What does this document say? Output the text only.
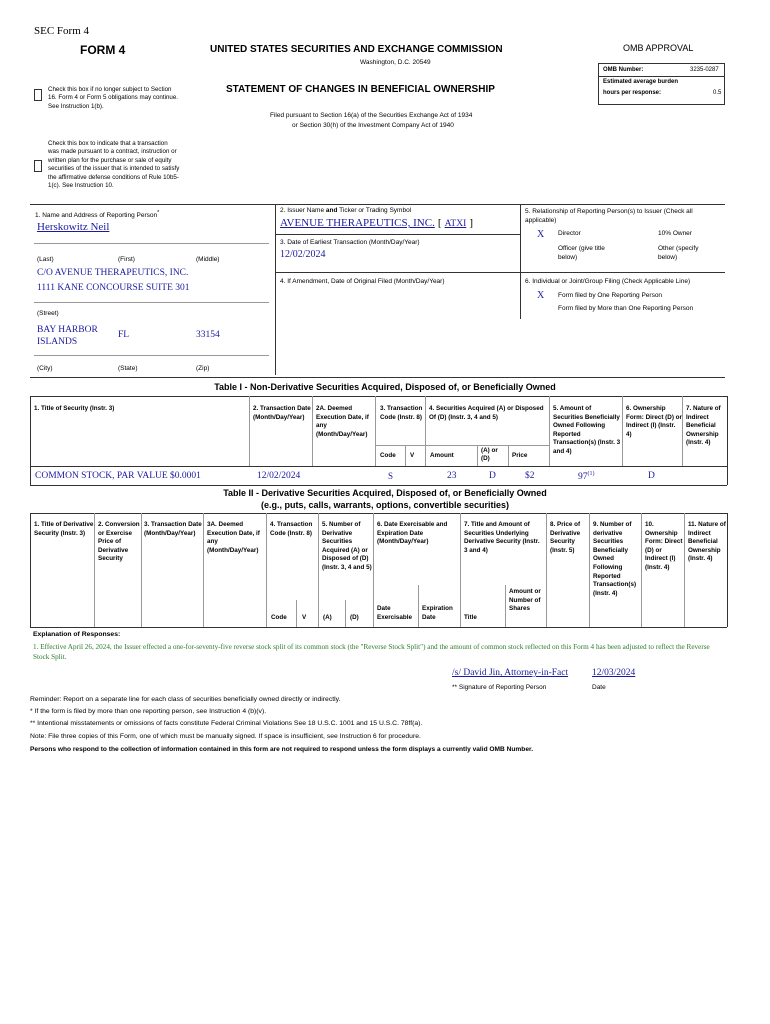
SEC Form 4
FORM 4	UNITED STATES SECURITIES AND EXCHANGE COMMISSION
Washington, D.C. 20549
STATEMENT OF CHANGES IN BENEFICIAL OWNERSHIP
Filed pursuant to Section 16(a) of the Securities Exchange Act of 1934
or Section 30(h) of the Investment Company Act of 1940
OMB APPROVAL
OMB Number:	3235-0287
Estimated average burden
hours per response:	0.5
Check this box if no longer subject to Section 16. Form 4 or Form 5 obligations may continue. See Instruction 1(b).
Check this box to indicate that a transaction was made pursuant to a contract, instruction or written plan for the purchase or sale of equity securities of the issuer that is intended to satisfy the affirmative defense conditions of Rule 10b5-1(c). See Instruction 10.
1. Name and Address of Reporting Person*
Herskowitz Neil
(Last)	(First)	(Middle)
C/O AVENUE THERAPEUTICS, INC.
1111 KANE CONCOURSE SUITE 301
(Street)
BAY HARBOR ISLANDS
FL	33154
(City)	(State)	(Zip)
2. Issuer Name and Ticker or Trading Symbol
AVENUE THERAPEUTICS, INC. [ ATXI ]
3. Date of Earliest Transaction (Month/Day/Year)
12/02/2024
4. If Amendment, Date of Original Filed (Month/Day/Year)
5. Relationship of Reporting Person(s) to Issuer (Check all applicable)
X Director	10% Owner
Officer (give title below)
Other (specify below)
6. Individual or Joint/Group Filing (Check Applicable Line)
X Form filed by One Reporting Person
Form filed by More than One Reporting Person
Table I - Non-Derivative Securities Acquired, Disposed of, or Beneficially Owned
1. Title of Security (Instr. 3)	2. Transaction Date (Month/Day/Year)
2A. Deemed Execution Date, if any (Month/Day/Year)
3. Transaction Code (Instr. 8)
4. Securities Acquired (A) or Disposed Of (D) (Instr. 3, 4 and 5)
5. Amount of Securities Beneficially Owned Following Reported Transaction(s) (Instr. 3 and 4)
6. Ownership Form: Direct (D) or Indirect (I) (Instr. 4)
7. Nature of Indirect Beneficial Ownership (Instr. 4)
Code V	Amount
(A) or (D)	Price
COMMON STOCK, PAR VALUE $0.0001	12/02/2024	S	23	D	$2	97$^{(1)}$	D
Table II - Derivative Securities Acquired, Disposed of, or Beneficially Owned
(e.g., puts, calls, warrants, options, convertible securities)
1. Title of Derivative Security (Instr. 3)
2. Conversion or Exercise Price of Derivative Security
3. Transaction Date (Month/Day/Year)
3A. Deemed Execution Date, if any (Month/Day/Year)
4. Transaction Code (Instr. 8)
5. Number of Derivative Securities Acquired (A) or Disposed of (D) (Instr. 3, 4 and 5)
6. Date Exercisable and Expiration Date (Month/Day/Year)
7. Title and Amount of Securities Underlying Derivative Security (Instr. 3 and 4)
8. Price of Derivative Security (Instr. 5)
9. Number of derivative Securities Beneficially Owned Following Reported Transaction(s) (Instr. 4)
10. Ownership Form: Direct (D) or Indirect (I) (Instr. 4)
11. Nature of Indirect Beneficial Ownership (Instr. 4)
Code V	(A)	(D)
Date Exercisable
Expiration Date	Title
Amount or Number of Shares
Explanation of Responses:
1. Effective April 26, 2024, the Issuer effected a one-for-seventy-five reverse stock split of its common stock (the "Reverse Stock Split") and the amount of common stock reflected on this Form 4 has been adjusted to reflect the Reverse Stock Split.
/s/ David Jin, Attorney-in-Fact	12/03/2024
** Signature of Reporting Person	Date
Reminder: Report on a separate line for each class of securities beneficially owned directly or indirectly.
* If the form is filed by more than one reporting person, see Instruction 4 (b)(v).
** Intentional misstatements or omissions of facts constitute Federal Criminal Violations See 18 U.S.C. 1001 and 15 U.S.C. 78ff(a).
Note: File three copies of this Form, one of which must be manually signed. If space is insufficient, see Instruction 6 for procedure.
Persons who respond to the collection of information contained in this form are not required to respond unless the form displays a currently valid OMB Number.
